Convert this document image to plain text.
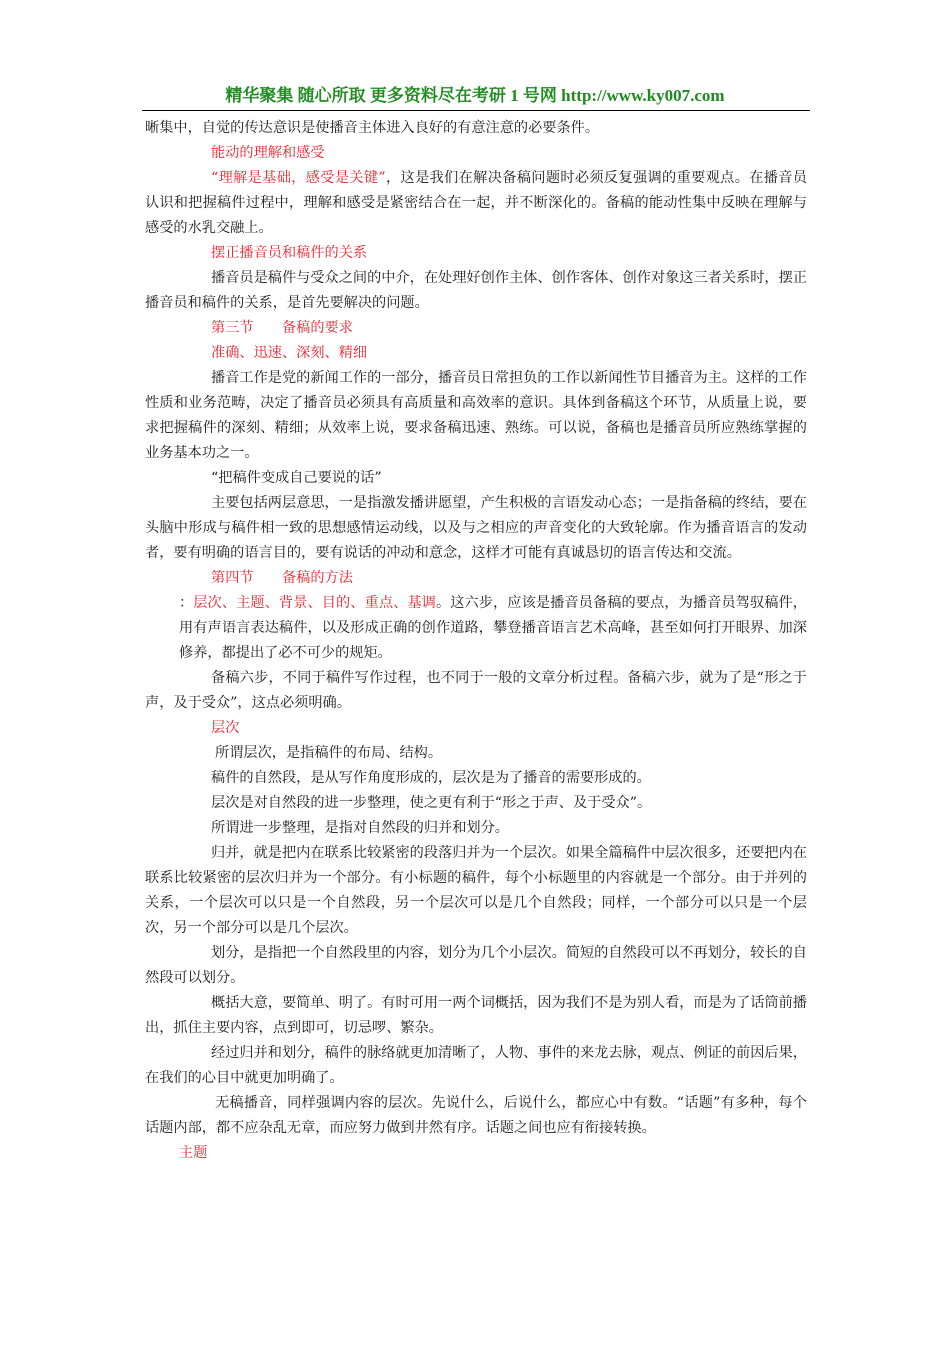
精华聚集 随心所取 更多资料尽在考研 1 号网 http://www.ky007.com

晰集中，自觉的传达意识是使播音主体进入良好的有意注意的必要条件。

能动的理解和感受

“理解是基础，感受是关键”，这是我们在解决备稿问题时必须反复强调的重要观点。在播音员认识和把握稿件过程中，理解和感受是紧密结合在一起，并不断深化的。备稿的能动性集中反映在理解与感受的水乳交融上。

摆正播音员和稿件的关系

播音员是稿件与受众之间的中介，在处理好创作主体、创作客体、创作对象这三者关系时，摆正播音员和稿件的关系，是首先要解决的问题。

第三节　　备稿的要求

准确、迅速、深刻、精细

播音工作是党的新闻工作的一部分，播音员日常担负的工作以新闻性节目播音为主。这样的工作性质和业务范畴，决定了播音员必须具有高质量和高效率的意识。具体到备稿这个环节，从质量上说，要求把握稿件的深刻、精细；从效率上说，要求备稿迅速、熟练。可以说，备稿也是播音员所应熟练掌握的业务基本功之一。

“把稿件变成自己要说的话”

主要包括两层意思，一是指激发播讲愿望，产生积极的言语发动心态；一是指备稿的终结，要在头脑中形成与稿件相一致的思想感情运动线，以及与之相应的声音变化的大致轮廓。作为播音语言的发动者，要有明确的语言目的，要有说话的冲动和意念，这样才可能有真诚恳切的语言传达和交流。

第四节　　备稿的方法

：层次、主题、背景、目的、重点、基调。这六步，应该是播音员备稿的要点，为播音员驾驭稿件，用有声语言表达稿件，以及形成正确的创作道路，攀登播音语言艺术高峰，甚至如何打开眼界、加深修养，都提出了必不可少的规矩。

备稿六步，不同于稿件写作过程，也不同于一般的文章分析过程。备稿六步，就为了是“形之于声，及于受众”，这点必须明确。

层次

所谓层次，是指稿件的布局、结构。

稿件的自然段，是从写作角度形成的，层次是为了播音的需要形成的。

层次是对自然段的进一步整理，使之更有利于“形之于声、及于受众”。

所谓进一步整理，是指对自然段的归并和划分。

归并，就是把内在联系比较紧密的段落归并为一个层次。如果全篇稿件中层次很多，还要把内在联系比较紧密的层次归并为一个部分。有小标题的稿件，每个小标题里的内容就是一个部分。由于并列的关系，一个层次可以只是一个自然段，另一个层次可以是几个自然段；同样，一个部分可以只是一个层次，另一个部分可以是几个层次。

划分，是指把一个自然段里的内容，划分为几个小层次。简短的自然段可以不再划分，较长的自然段可以划分。

概括大意，要简单、明了。有时可用一两个词概括，因为我们不是为别人看，而是为了话筒前播出，抓住主要内容，点到即可，切忌啰、繁杂。

经过归并和划分，稿件的脉络就更加清晰了，人物、事件的来龙去脉，观点、例证的前因后果，在我们的心目中就更加明确了。

无稿播音，同样强调内容的层次。先说什么，后说什么，都应心中有数。“话题”有多种，每个话题内部，都不应杂乱无章，而应努力做到井然有序。话题之间也应有衔接转换。

主题
